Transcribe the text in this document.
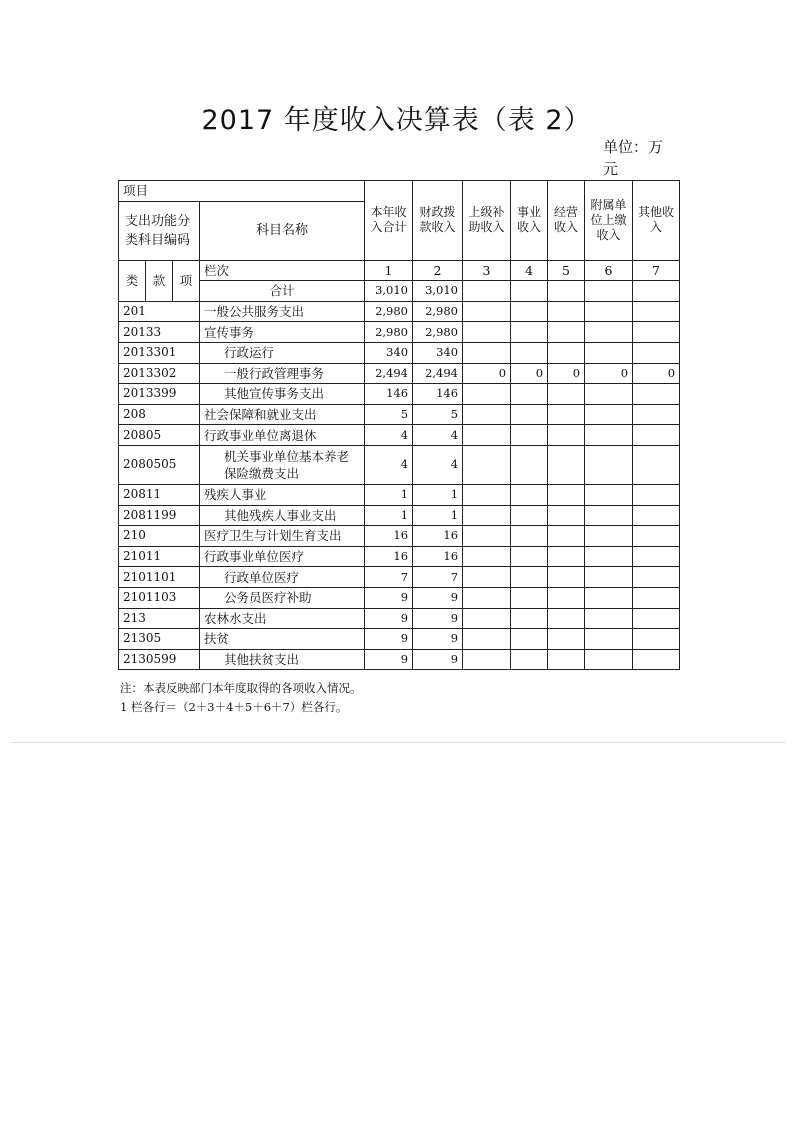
2017 年度收入决算表（表 2）
单位：万元
项目				本年收入合计	财政拨款收入	上级补助收入	事业收入	经营收入	附属单位上缴收入	其他收入
支出功能分类科目编码			科目名称							

类	款	项	栏次	1	2	3	4	5	6	7
			合计	3,010	3,010					
201			一般公共服务支出	2,980	2,980					
20133			宣传事务	2,980	2,980					
2013301			行政运行	340	340					
2013302			一般行政管理事务	2,494	2,494	0	0	0	0	0
2013399			其他宣传事务支出	146	146					
208			社会保障和就业支出	5	5					
20805			行政事业单位离退休	4	4					
2080505			机关事业单位基本养老保险缴费支出	4	4					
20811			残疾人事业	1	1					
2081199			其他残疾人事业支出	1	1					
210			医疗卫生与计划生育支出	16	16					
21011			行政事业单位医疗	16	16					
2101101			行政单位医疗	7	7					
2101103			公务员医疗补助	9	9					
213			农林水支出	9	9					
21305			扶贫	9	9					
2130599			其他扶贫支出	9	9					
注：本表反映部门本年度取得的各项收入情况。
1 栏各行＝（2＋3＋4＋5＋6＋7）栏各行。
